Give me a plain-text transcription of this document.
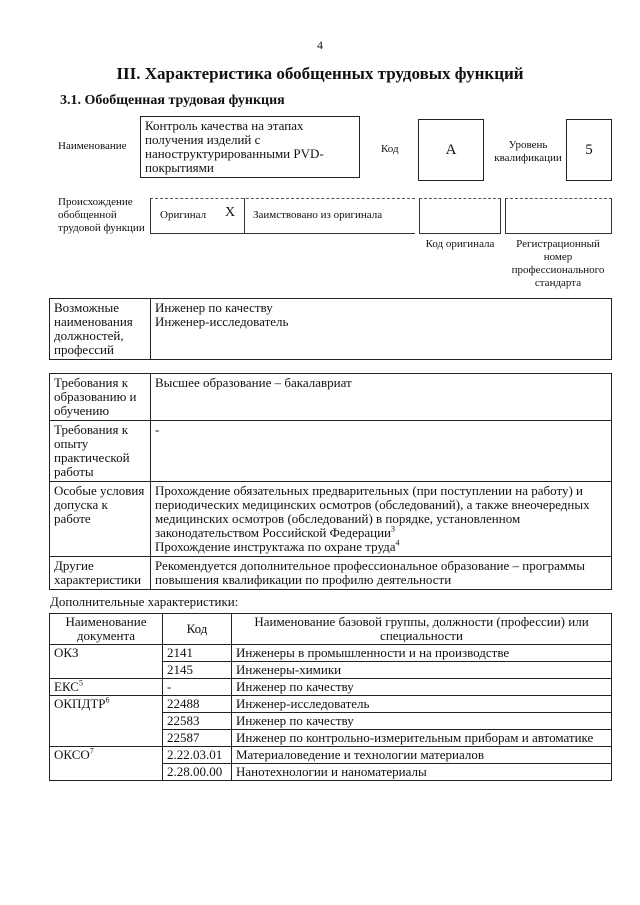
4
III. Характеристика обобщенных трудовых функций
3.1. Обобщенная трудовая функция
Наименование
Контроль качества на этапах получения изделий с наноструктурированными PVD-покрытиями
Код	A	Уровень квалификации	5
Происхождение обобщенной трудовой функции
Оригинал X Заимствовано из оригинала
Код оригинала	Регистрационный номер профессионального стандарта
Возможные наименования должностей, профессий	
Инженер по качеству
Инженер-исследователь
Требования к образованию и обучению	Высшее образование – бакалавриат
Требования к опыту практической работы	-
Особые условия допуска к работе	Прохождение обязательных предварительных (при поступлении на работу) и периодических медицинских осмотров (обследований), а также внеочередных медицинских осмотров (обследований) в порядке, установленном законодательством Российской Федерации$^3$
Прохождение инструктажа по охране труда$^4$
Другие характеристики	Рекомендуется дополнительное профессиональное образование – программы повышения квалификации по профилю деятельности
Дополнительные характеристики:
Наименование документа	Код	Наименование базовой группы, должности (профессии) или специальности
ОКЗ	2141	Инженеры в промышленности и на производстве
	2145	Инженеры-химики
ЕКС$^5$	-	Инженер по качеству
ОКПДТР$^6$	22488	Инженер-исследователь
	22583	Инженер по качеству
	22587	Инженер по контрольно-измерительным приборам и автоматике
ОКСО$^7$	2.22.03.01	Материаловедение и технологии материалов
	2.28.00.00	Нанотехнологии и наноматериалы
